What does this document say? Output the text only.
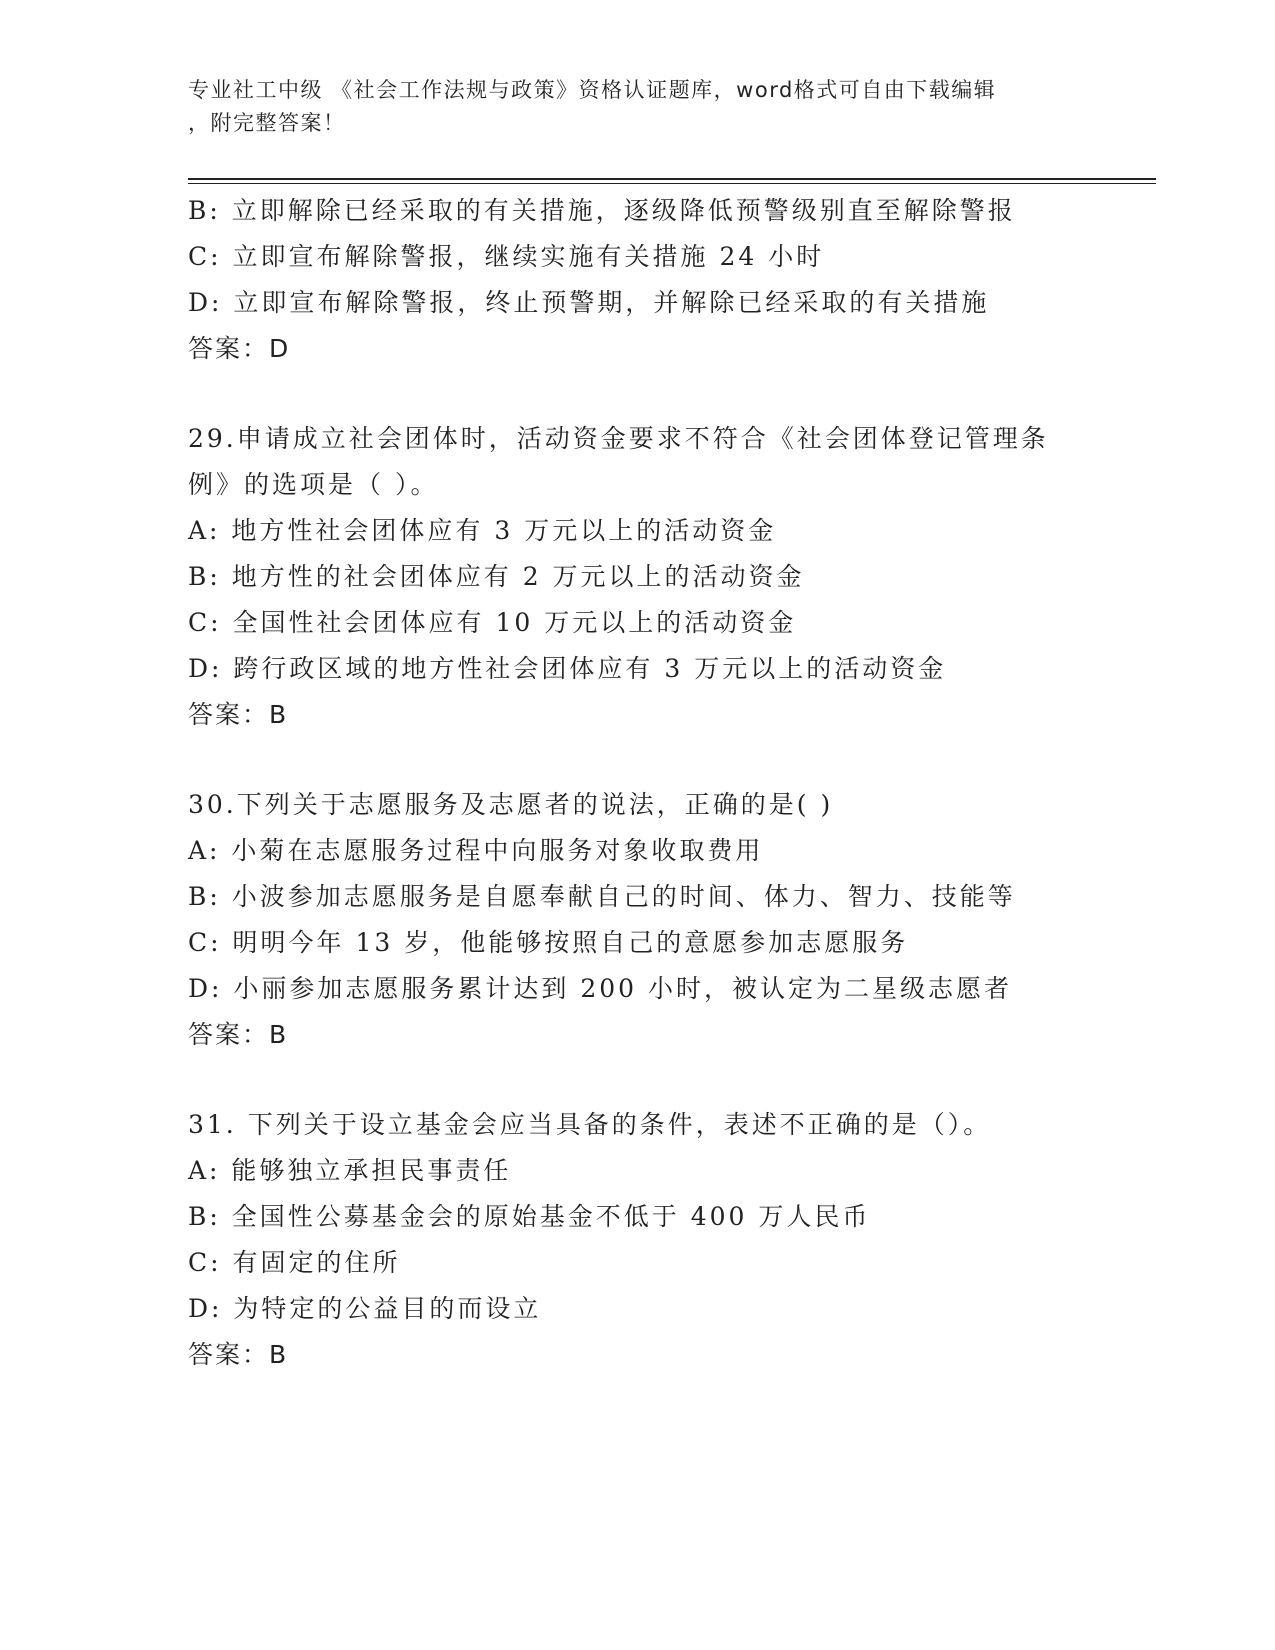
专业社工中级 《社会工作法规与政策》资格认证题库，word格式可自由下载编辑
，附完整答案！
B: 立即解除已经采取的有关措施，逐级降低预警级别直至解除警报
C: 立即宣布解除警报，继续实施有关措施 24 小时
D: 立即宣布解除警报，终止预警期，并解除已经采取的有关措施
答案：D
29.申请成立社会团体时，活动资金要求不符合《社会团体登记管理条
例》的选项是（ ）。
A: 地方性社会团体应有 3 万元以上的活动资金
B: 地方性的社会团体应有 2 万元以上的活动资金
C: 全国性社会团体应有 10 万元以上的活动资金
D: 跨行政区域的地方性社会团体应有 3 万元以上的活动资金
答案：B
30.下列关于志愿服务及志愿者的说法，正确的是( )
A: 小菊在志愿服务过程中向服务对象收取费用
B: 小波参加志愿服务是自愿奉献自己的时间、体力、智力、技能等
C: 明明今年 13 岁，他能够按照自己的意愿参加志愿服务
D: 小丽参加志愿服务累计达到 200 小时，被认定为二星级志愿者
答案：B
31. 下列关于设立基金会应当具备的条件，表述不正确的是（）。
A: 能够独立承担民事责任
B: 全国性公募基金会的原始基金不低于 400 万人民币
C: 有固定的住所
D: 为特定的公益目的而设立
答案：B
